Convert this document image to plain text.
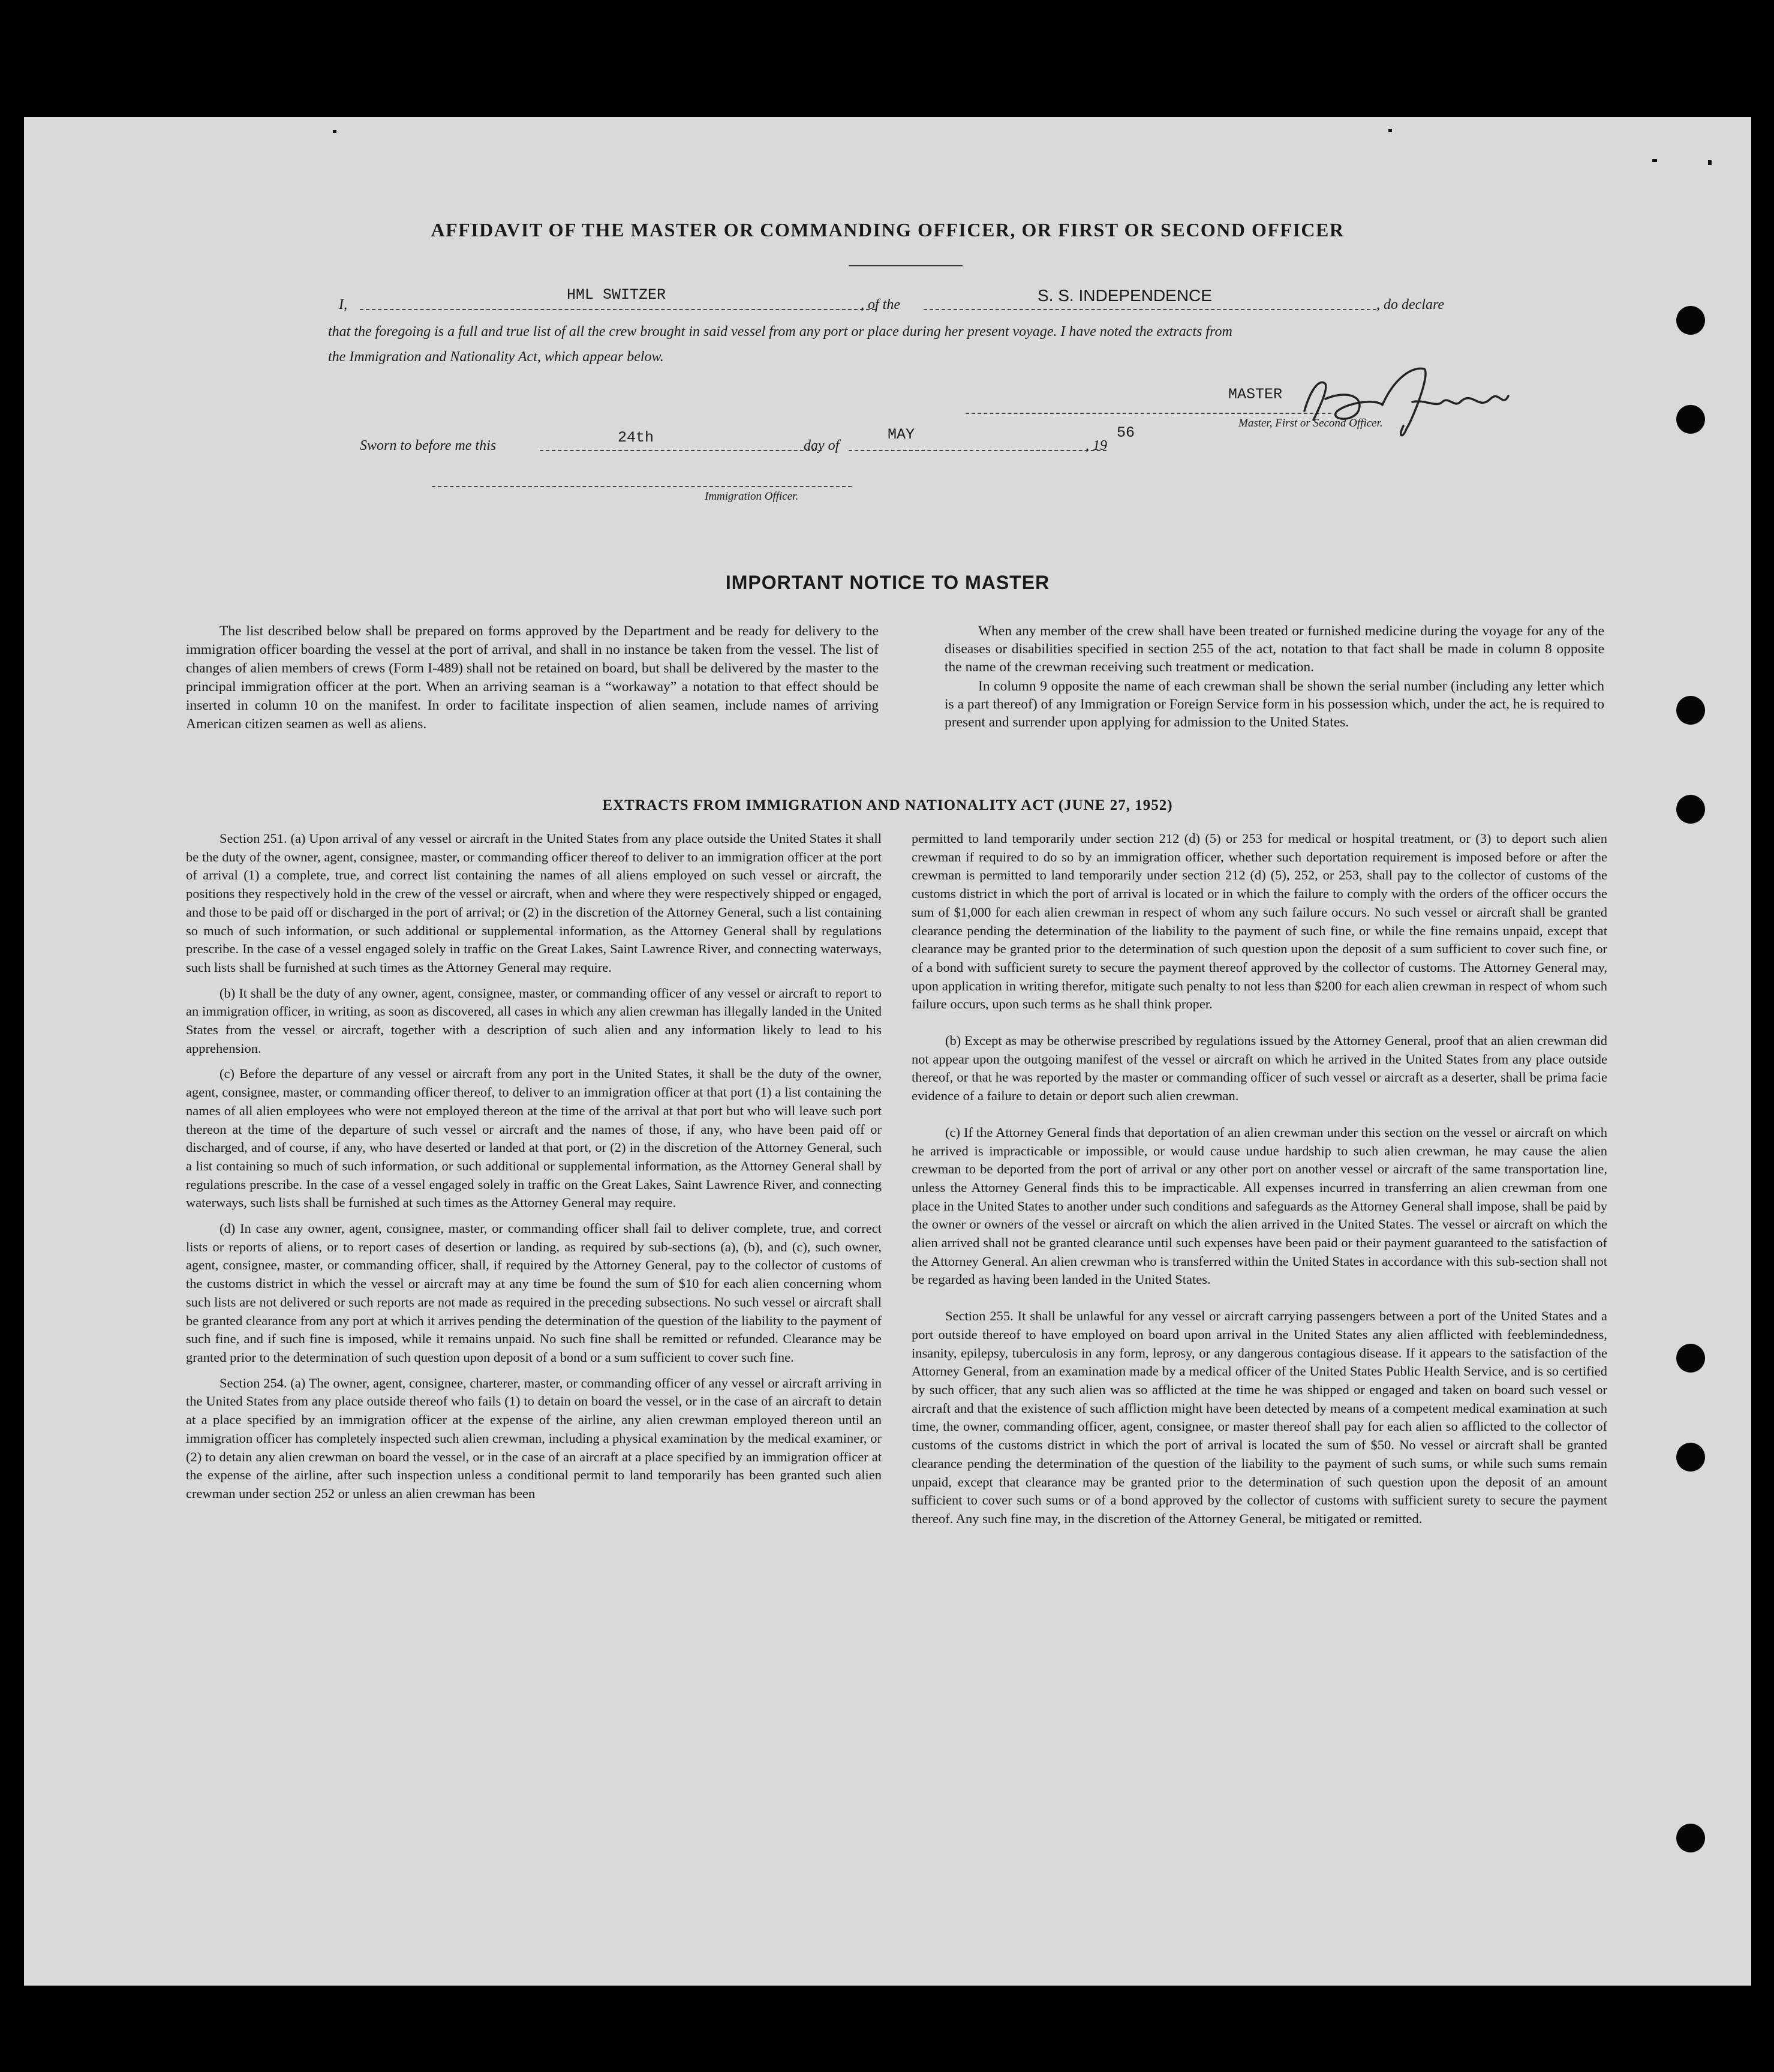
AFFIDAVIT OF THE MASTER OR COMMANDING OFFICER, OR FIRST OR SECOND OFFICER
I,
HML SWITZER
, of the	S. S. INDEPENDENCE	, do declare
that the foregoing is a full and true list of all the crew brought in said vessel from any port or place during her present voyage. I have noted the extracts from
the Immigration and Nationality Act, which appear below.
MASTER
Master, First or Second Officer.
Sworn to before me this	24th	day of
MAY
, 19
56
Immigration Officer.
IMPORTANT NOTICE TO MASTER

The list described below shall be prepared on forms approved by the Department and be ready for delivery to the immigration officer boarding the vessel at the port of arrival, and shall in no instance be taken from the vessel. The list of changes of alien members of crews (Form I-489) shall not be retained on board, but shall be delivered by the master to the principal immigration officer at the port. When an arriving seaman is a “workaway” a notation to that effect should be inserted in column 10 on the manifest. In order to facilitate inspection of alien seamen, include names of arriving American citizen seamen as well as aliens.

When any member of the crew shall have been treated or furnished medicine during the voyage for any of the diseases or disabilities specified in section 255 of the act, notation to that fact shall be made in column 8 opposite the name of the crewman receiving such treatment or medication.

In column 9 opposite the name of each crewman shall be shown the serial number (including any letter which is a part thereof) of any Immigration or Foreign Service form in his possession which, under the act, he is required to present and surrender upon applying for admission to the United States.

EXTRACTS FROM IMMIGRATION AND NATIONALITY ACT (JUNE 27, 1952)

Section 251. (a) Upon arrival of any vessel or aircraft in the United States from any place outside the United States it shall be the duty of the owner, agent, consignee, master, or commanding officer thereof to deliver to an immigration officer at the port of arrival (1) a complete, true, and correct list containing the names of all aliens employed on such vessel or aircraft, the positions they respectively hold in the crew of the vessel or aircraft, when and where they were respectively shipped or engaged, and those to be paid off or discharged in the port of arrival; or (2) in the discretion of the Attorney General, such a list containing so much of such information, or such additional or supplemental information, as the Attorney General shall by regulations prescribe. In the case of a vessel engaged solely in traffic on the Great Lakes, Saint Lawrence River, and connecting waterways, such lists shall be furnished at such times as the Attorney General may require.

(b) It shall be the duty of any owner, agent, consignee, master, or commanding officer of any vessel or aircraft to report to an immigration officer, in writing, as soon as discovered, all cases in which any alien crewman has illegally landed in the United States from the vessel or aircraft, together with a description of such alien and any information likely to lead to his apprehension.

(c) Before the departure of any vessel or aircraft from any port in the United States, it shall be the duty of the owner, agent, consignee, master, or commanding officer thereof, to deliver to an immigration officer at that port (1) a list containing the names of all alien employees who were not employed thereon at the time of the arrival at that port but who will leave such port thereon at the time of the departure of such vessel or aircraft and the names of those, if any, who have been paid off or discharged, and of course, if any, who have deserted or landed at that port, or (2) in the discretion of the Attorney General, such a list containing so much of such information, or such additional or supplemental information, as the Attorney General shall by regulations prescribe. In the case of a vessel engaged solely in traffic on the Great Lakes, Saint Lawrence River, and connecting waterways, such lists shall be furnished at such times as the Attorney General may require.

(d) In case any owner, agent, consignee, master, or commanding officer shall fail to deliver complete, true, and correct lists or reports of aliens, or to report cases of desertion or landing, as required by sub-sections (a), (b), and (c), such owner, agent, consignee, master, or commanding officer, shall, if required by the Attorney General, pay to the collector of customs of the customs district in which the vessel or aircraft may at any time be found the sum of $10 for each alien concerning whom such lists are not delivered or such reports are not made as required in the preceding subsections. No such vessel or aircraft shall be granted clearance from any port at which it arrives pending the determination of the question of the liability to the payment of such fine, and if such fine is imposed, while it remains unpaid. No such fine shall be remitted or refunded. Clearance may be granted prior to the determination of such question upon deposit of a bond or a sum sufficient to cover such fine.

Section 254. (a) The owner, agent, consignee, charterer, master, or commanding officer of any vessel or aircraft arriving in the United States from any place outside thereof who fails (1) to detain on board the vessel, or in the case of an aircraft to detain at a place specified by an immigration officer at the expense of the airline, any alien crewman employed thereon until an immigration officer has completely inspected such alien crewman, including a physical examination by the medical examiner, or (2) to detain any alien crewman on board the vessel, or in the case of an aircraft at a place specified by an immigration officer at the expense of the airline, after such inspection unless a conditional permit to land temporarily has been granted such alien crewman under section 252 or unless an alien crewman has been

permitted to land temporarily under section 212 (d) (5) or 253 for medical or hospital treatment, or (3) to deport such alien crewman if required to do so by an immigration officer, whether such deportation requirement is imposed before or after the crewman is permitted to land temporarily under section 212 (d) (5), 252, or 253, shall pay to the collector of customs of the customs district in which the port of arrival is located or in which the failure to comply with the orders of the officer occurs the sum of $1,000 for each alien crewman in respect of whom any such failure occurs. No such vessel or aircraft shall be granted clearance pending the determination of the liability to the payment of such fine, or while the fine remains unpaid, except that clearance may be granted prior to the determination of such question upon the deposit of a sum sufficient to cover such fine, or of a bond with sufficient surety to secure the payment thereof approved by the collector of customs. The Attorney General may, upon application in writing therefor, mitigate such penalty to not less than $200 for each alien crewman in respect of whom such failure occurs, upon such terms as he shall think proper.

(b) Except as may be otherwise prescribed by regulations issued by the Attorney General, proof that an alien crewman did not appear upon the outgoing manifest of the vessel or aircraft on which he arrived in the United States from any place outside thereof, or that he was reported by the master or commanding officer of such vessel or aircraft as a deserter, shall be prima facie evidence of a failure to detain or deport such alien crewman.

(c) If the Attorney General finds that deportation of an alien crewman under this section on the vessel or aircraft on which he arrived is impracticable or impossible, or would cause undue hardship to such alien crewman, he may cause the alien crewman to be deported from the port of arrival or any other port on another vessel or aircraft of the same transportation line, unless the Attorney General finds this to be impracticable. All expenses incurred in transferring an alien crewman from one place in the United States to another under such conditions and safeguards as the Attorney General shall impose, shall be paid by the owner or owners of the vessel or aircraft on which the alien arrived in the United States. The vessel or aircraft on which the alien arrived shall not be granted clearance until such expenses have been paid or their payment guaranteed to the satisfaction of the Attorney General. An alien crewman who is transferred within the United States in accordance with this sub-section shall not be regarded as having been landed in the United States.

Section 255. It shall be unlawful for any vessel or aircraft carrying passengers between a port of the United States and a port outside thereof to have employed on board upon arrival in the United States any alien afflicted with feeblemindedness, insanity, epilepsy, tuberculosis in any form, leprosy, or any dangerous contagious disease. If it appears to the satisfaction of the Attorney General, from an examination made by a medical officer of the United States Public Health Service, and is so certified by such officer, that any such alien was so afflicted at the time he was shipped or engaged and taken on board such vessel or aircraft and that the existence of such affliction might have been detected by means of a competent medical examination at such time, the owner, commanding officer, agent, consignee, or master thereof shall pay for each alien so afflicted to the collector of customs of the customs district in which the port of arrival is located the sum of $50. No vessel or aircraft shall be granted clearance pending the determination of the question of the liability to the payment of such sums, or while such sums remain unpaid, except that clearance may be granted prior to the determination of such question upon the deposit of an amount sufficient to cover such sums or of a bond approved by the collector of customs with sufficient surety to secure the payment thereof. Any such fine may, in the discretion of the Attorney General, be mitigated or remitted.
